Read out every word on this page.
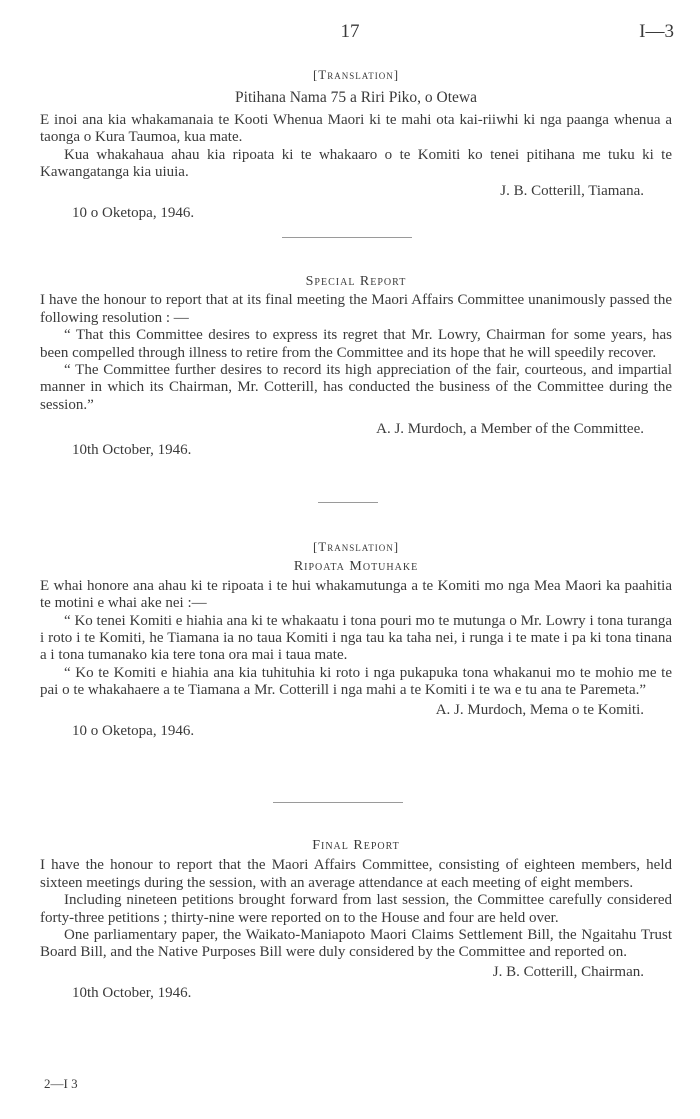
17	I—3
[Translation]
Pitihana Nama 75 a Riri Piko, o Otewa

E inoi ana kia whakamanaia te Kooti Whenua Maori ki te mahi ota kai-riiwhi ki nga paanga whenua a taonga o Kura Taumoa, kua mate.

Kua whakahaua ahau kia ripoata ki te whakaaro o te Komiti ko tenei pitihana me tuku ki te Kawangatanga kia uiuia.

J. B. Cotterill, Tiamana.
10 o Oketopa, 1946.
Special Report

I have the honour to report that at its final meeting the Maori Affairs Committee unanimously passed the following resolution : —

“ That this Committee desires to express its regret that Mr. Lowry, Chairman for some years, has been compelled through illness to retire from the Committee and its hope that he will speedily recover.

“ The Committee further desires to record its high appreciation of the fair, courteous, and impartial manner in which its Chairman, Mr. Cotterill, has conducted the business of the Committee during the session.”

A. J. Murdoch, a Member of the Committee.
10th October, 1946.
[Translation]
Ripoata Motuhake

E whai honore ana ahau ki te ripoata i te hui whakamutunga a te Komiti mo nga Mea Maori ka paahitia te motini e whai ake nei :—

“ Ko tenei Komiti e hiahia ana ki te whakaatu i tona pouri mo te mutunga o Mr. Lowry i tona turanga i roto i te Komiti, he Tiamana ia no taua Komiti i nga tau ka taha nei, i runga i te mate i pa ki tona tinana a i tona tumanako kia tere tona ora mai i taua mate.

“ Ko te Komiti e hiahia ana kia tuhituhia ki roto i nga pukapuka tona whakanui mo te mohio me te pai o te whakahaere a te Tiamana a Mr. Cotterill i nga mahi a te Komiti i te wa e tu ana te Paremeta.”

A. J. Murdoch, Mema o te Komiti.
10 o Oketopa, 1946.
Final Report

I have the honour to report that the Maori Affairs Committee, consisting of eighteen members, held sixteen meetings during the session, with an average attendance at each meeting of eight members.

Including nineteen petitions brought forward from last session, the Committee carefully considered forty-three petitions ; thirty-nine were reported on to the House and four are held over.

One parliamentary paper, the Waikato-Maniapoto Maori Claims Settlement Bill, the Ngaitahu Trust Board Bill, and the Native Purposes Bill were duly considered by the Committee and reported on.

J. B. Cotterill, Chairman.
10th October, 1946.
2—I 3
